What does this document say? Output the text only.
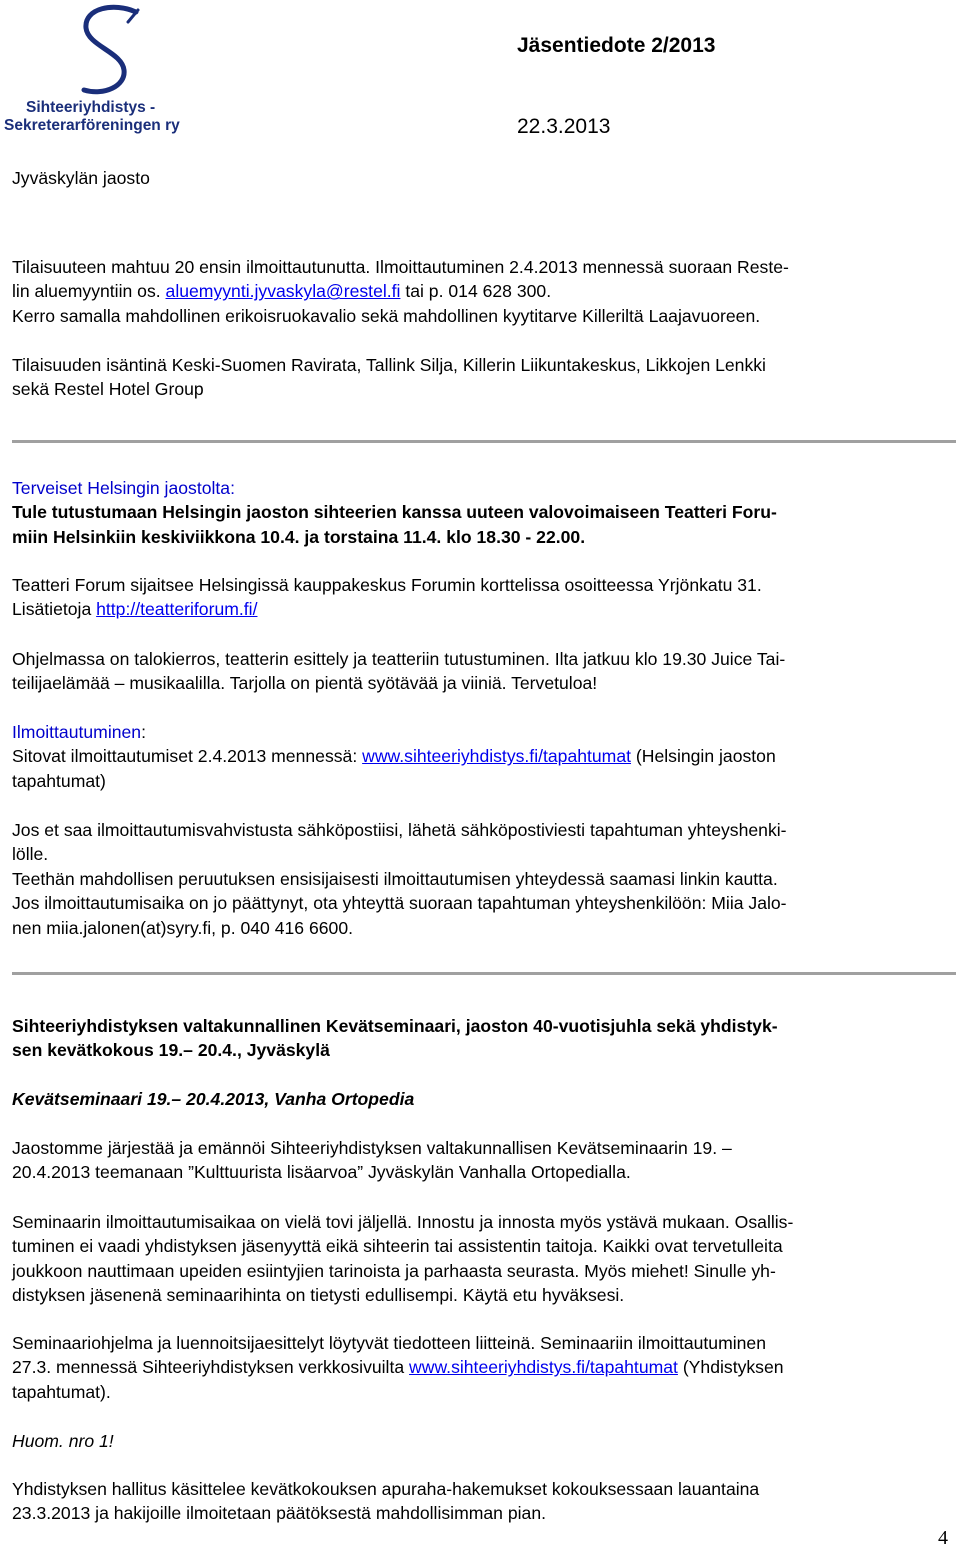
Sihteeriyhdistys -
Sekreterarföreningen ry
Jäsentiedote 2/2013
22.3.2013
Jyväskylän jaosto
Tilaisuuteen mahtuu 20 ensin ilmoittautunutta. Ilmoittautuminen 2.4.2013 mennessä suoraan Reste-
lin aluemyyntiin os. aluemyynti.jyvaskyla@restel.fi tai p. 014 628 300.
Kerro samalla mahdollinen erikoisruokavalio sekä mahdollinen kyytitarve Killeriltä Laajavuoreen.
Tilaisuuden isäntinä Keski-Suomen Ravirata, Tallink Silja, Killerin Liikuntakeskus, Likkojen Lenkki
sekä Restel Hotel Group
Terveiset Helsingin jaostolta:
Tule tutustumaan Helsingin jaoston sihteerien kanssa uuteen valovoimaiseen Teatteri Foru-
miin Helsinkiin keskiviikkona 10.4. ja torstaina 11.4. klo 18.30 - 22.00.
Teatteri Forum sijaitsee Helsingissä kauppakeskus Forumin korttelissa osoitteessa Yrjönkatu 31.
Lisätietoja http://teatteriforum.fi/
Ohjelmassa on talokierros, teatterin esittely ja teatteriin tutustuminen. Ilta jatkuu klo 19.30 Juice Tai-
teilijaelämää – musikaalilla. Tarjolla on pientä syötävää ja viiniä. Tervetuloa!
Ilmoittautuminen:
Sitovat ilmoittautumiset 2.4.2013 mennessä: www.sihteeriyhdistys.fi/tapahtumat (Helsingin jaoston
tapahtumat)
Jos et saa ilmoittautumisvahvistusta sähköpostiisi, lähetä sähköpostiviesti tapahtuman yhteyshenki-
lölle.
Teethän mahdollisen peruutuksen ensisijaisesti ilmoittautumisen yhteydessä saamasi linkin kautta.
Jos ilmoittautumisaika on jo päättynyt, ota yhteyttä suoraan tapahtuman yhteyshenkilöön: Miia Jalo-
nen miia.jalonen(at)syry.fi, p. 040 416 6600.
Sihteeriyhdistyksen valtakunnallinen Kevätseminaari, jaoston 40-vuotisjuhla sekä yhdistyk-
sen kevätkokous 19.– 20.4., Jyväskylä
Kevätseminaari 19.– 20.4.2013, Vanha Ortopedia
Jaostomme järjestää ja emännöi Sihteeriyhdistyksen valtakunnallisen Kevätseminaarin 19. –
20.4.2013 teemanaan ”Kulttuurista lisäarvoa” Jyväskylän Vanhalla Ortopedialla.
Seminaarin ilmoittautumisaikaa on vielä tovi jäljellä. Innostu ja innosta myös ystävä mukaan. Osallis-
tuminen ei vaadi yhdistyksen jäsenyyttä eikä sihteerin tai assistentin taitoja. Kaikki ovat tervetulleita
joukkoon nauttimaan upeiden esiintyjien tarinoista ja parhaasta seurasta. Myös miehet! Sinulle yh-
distyksen jäsenenä seminaarihinta on tietysti edullisempi. Käytä etu hyväksesi.
Seminaariohjelma ja luennoitsijaesittelyt löytyvät tiedotteen liitteinä. Seminaariin ilmoittautuminen
27.3. mennessä Sihteeriyhdistyksen verkkosivuilta www.sihteeriyhdistys.fi/tapahtumat (Yhdistyksen
tapahtumat).
Huom. nro 1!
Yhdistyksen hallitus käsittelee kevätkokouksen apuraha-hakemukset kokouksessaan lauantaina
23.3.2013 ja hakijoille ilmoitetaan päätöksestä mahdollisimman pian.
4
